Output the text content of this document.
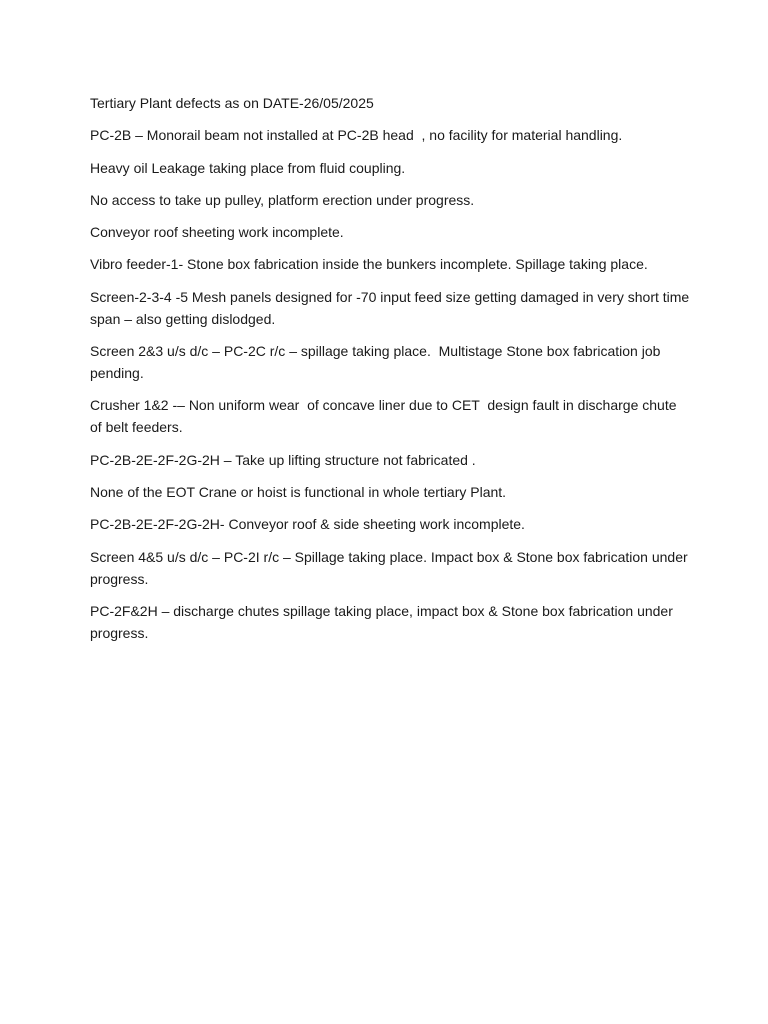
Tertiary Plant defects as on DATE-26/05/2025

PC-2B – Monorail beam not installed at PC-2B head  , no facility for material handling.

Heavy oil Leakage taking place from fluid coupling.

No access to take up pulley, platform erection under progress.

Conveyor roof sheeting work incomplete.

Vibro feeder-1- Stone box fabrication inside the bunkers incomplete. Spillage taking place.

Screen-2-3-4 -5 Mesh panels designed for -70 input feed size getting damaged in very short time span – also getting dislodged.

Screen 2&3 u/s d/c – PC-2C r/c – spillage taking place.  Multistage Stone box fabrication job pending.

Crusher 1&2 -– Non uniform wear  of concave liner due to CET  design fault in discharge chute of belt feeders.

PC-2B-2E-2F-2G-2H – Take up lifting structure not fabricated .

None of the EOT Crane or hoist is functional in whole tertiary Plant.

PC-2B-2E-2F-2G-2H- Conveyor roof & side sheeting work incomplete.

Screen 4&5 u/s d/c – PC-2I r/c – Spillage taking place. Impact box & Stone box fabrication under progress.

PC-2F&2H – discharge chutes spillage taking place, impact box & Stone box fabrication under progress.
